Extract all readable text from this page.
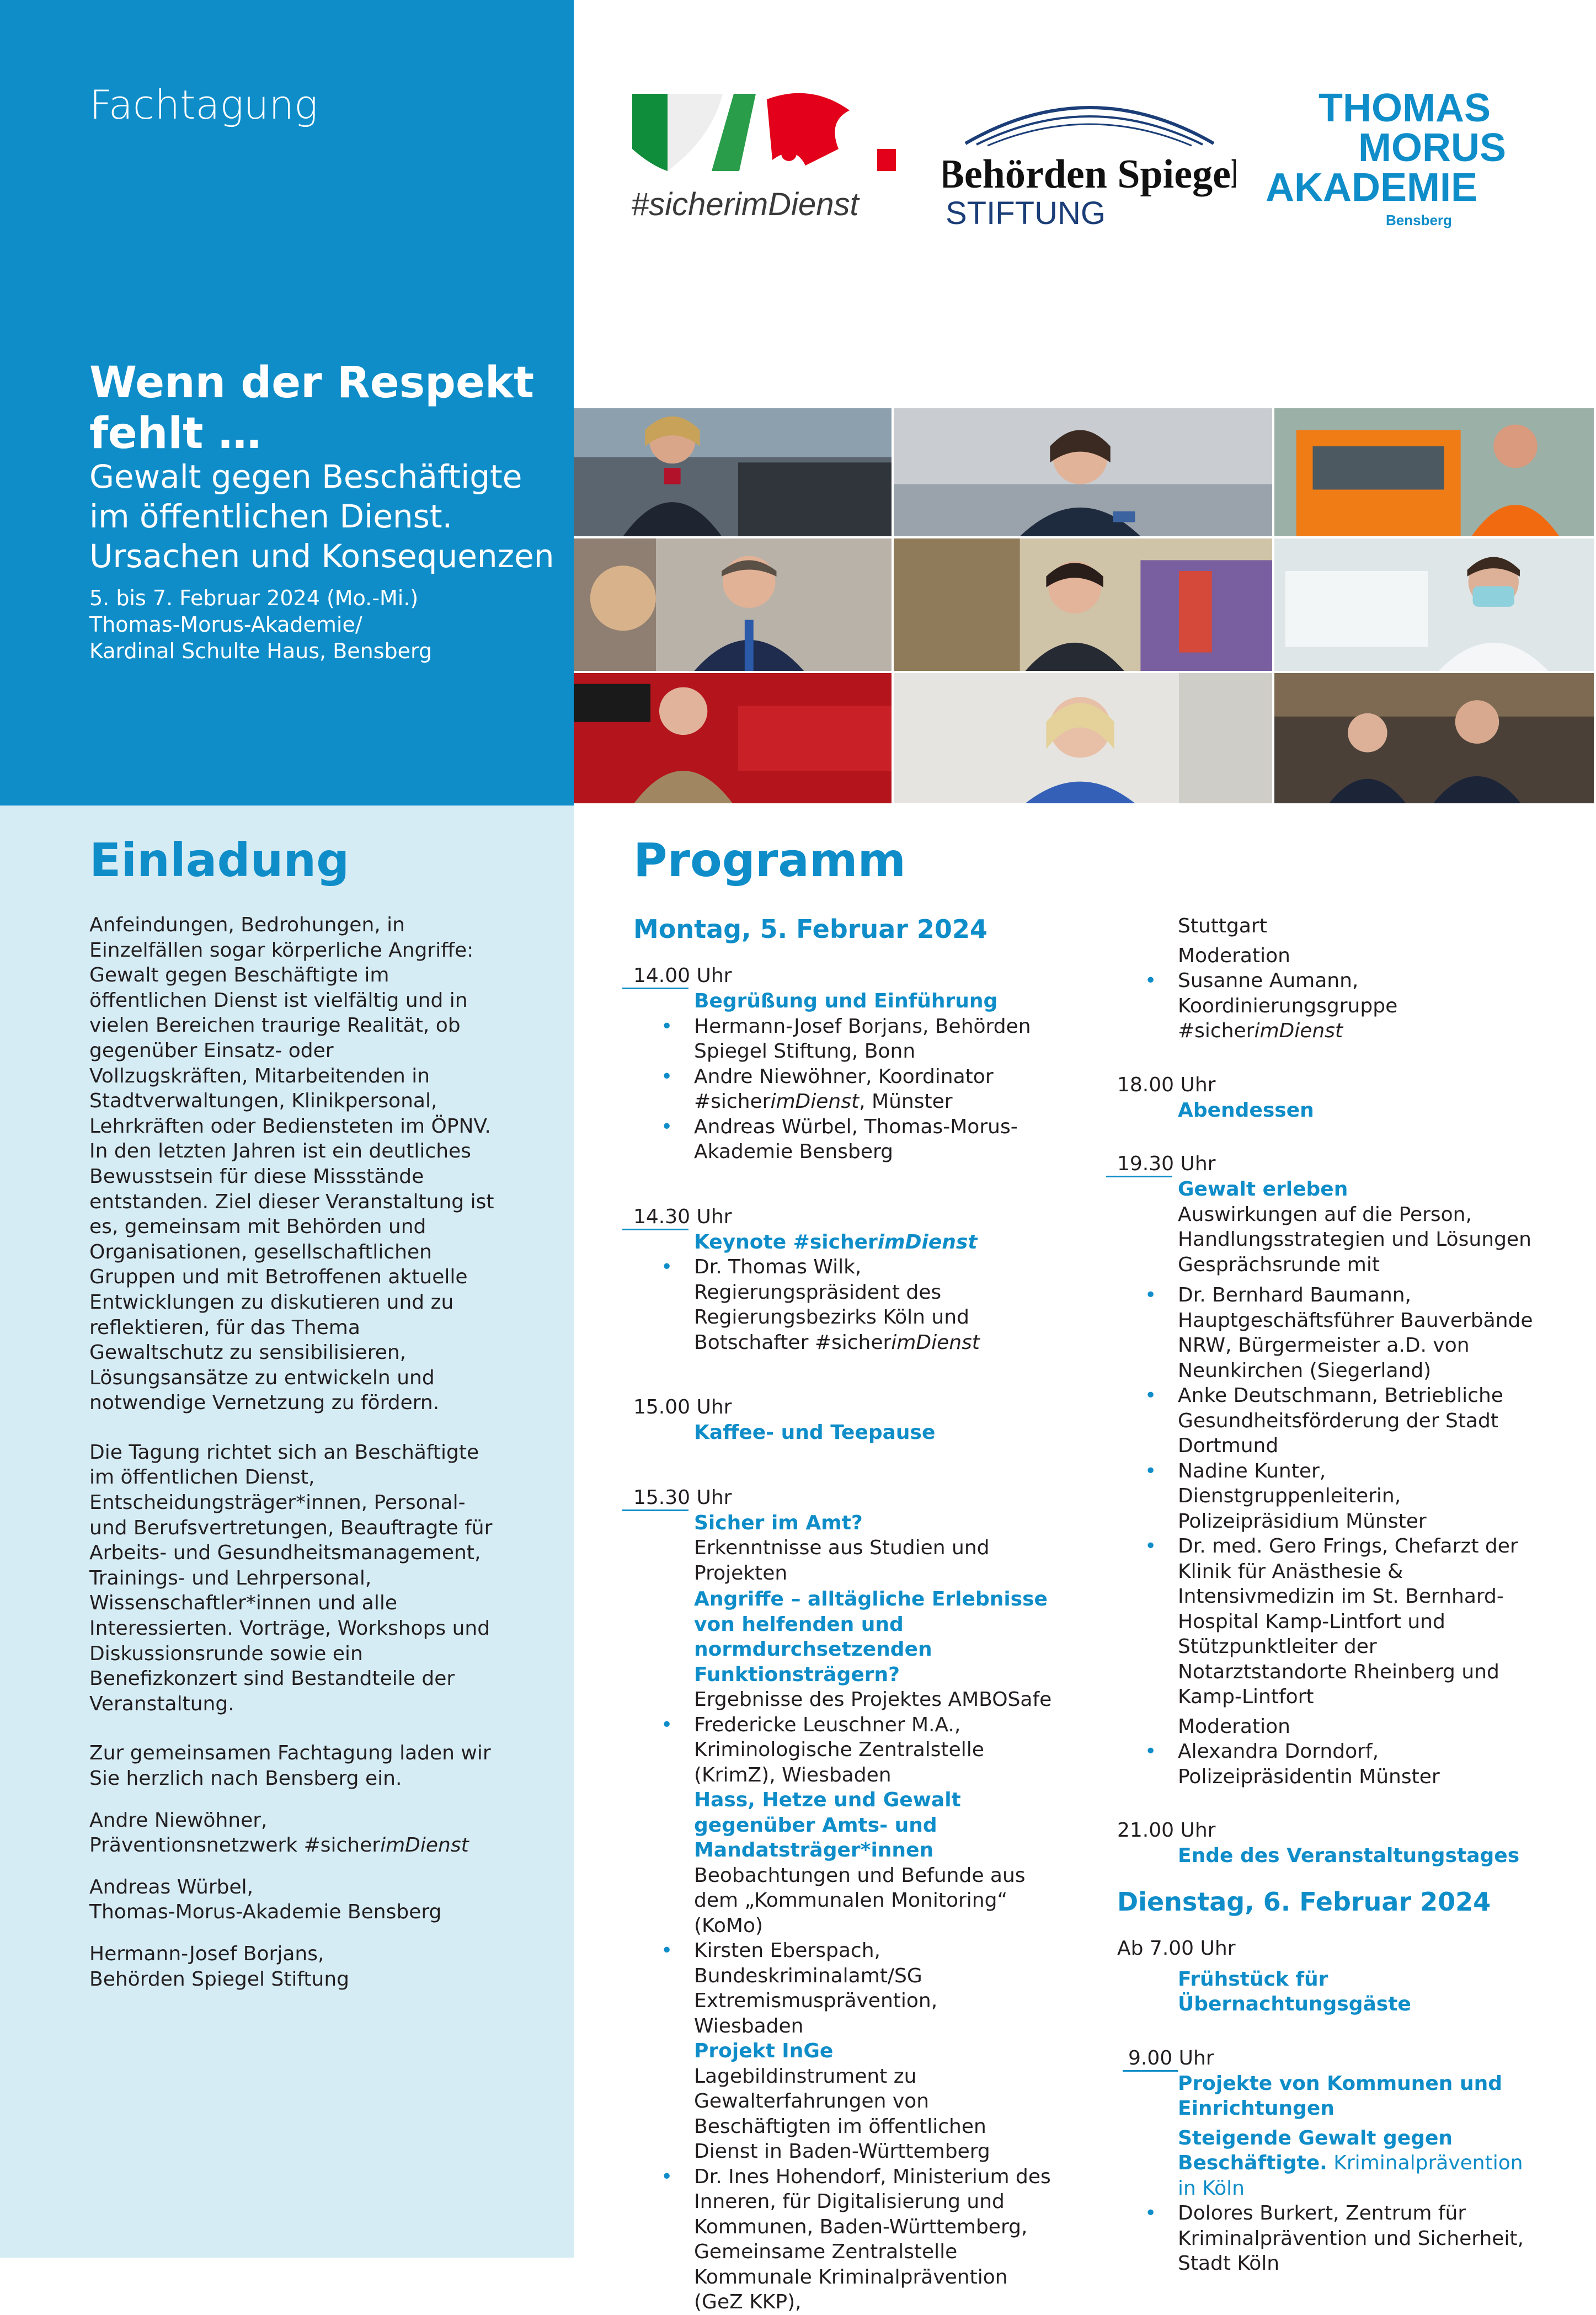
Fachtagung
Wenn der Respekt fehlt …
Gewalt gegen Beschäftigte im öffentlichen Dienst. Ursachen und Konsequenzen
5. bis 7. Februar 2024 (Mo.-Mi.)
Thomas-Morus-Akademie/
Kardinal Schulte Haus, Bensberg
#sicherimDienst
Behörden Spiegel
STIFTUNG
THOMAS
MORUS
AKADEMIE
Bensberg
Einladung

Anfeindungen, Bedrohungen, in Einzelfällen sogar körperliche Angriffe: Gewalt gegen Beschäftigte im öffentlichen Dienst ist vielfältig und in vielen Bereichen traurige Realität, ob gegenüber Einsatz- oder Vollzugskräften, Mitarbeitenden in Stadtverwaltungen, Klinikpersonal, Lehrkräften oder Bediensteten im ÖPNV. In den letzten Jahren ist ein deutliches Bewusstsein für diese Missstände entstanden. Ziel dieser Veranstaltung ist es, gemeinsam mit Behörden und Organisationen, gesellschaftlichen Gruppen und mit Betroffenen aktuelle Entwicklungen zu diskutieren und zu reflektieren, für das Thema Gewaltschutz zu sensibilisieren, Lösungsansätze zu entwickeln und notwendige Vernetzung zu fördern.

Die Tagung richtet sich an Beschäftigte im öffentlichen Dienst, Entscheidungsträger*innen, Personal- und Berufsvertretungen, Beauftragte für Arbeits- und Gesundheitsmanagement, Trainings- und Lehrpersonal, Wissenschaftler*innen und alle Interessierten. Vorträge, Workshops und Diskussionsrunde sowie ein Benefizkonzert sind Bestandteile der Veranstaltung.

Zur gemeinsamen Fachtagung laden wir Sie herzlich nach Bensberg ein.

Andre Niewöhner,
Präventionsnetzwerk #sicherimDienst
Andreas Würbel,
Thomas-Morus-Akademie Bensberg
Hermann-Josef Borjans,
Behörden Spiegel Stiftung
Programm
Montag, 5. Februar 2024
14.00 Uhr
Begrüßung und Einführung
• Hermann-Josef Borjans, Behörden Spiegel Stiftung, Bonn
• Andre Niewöhner, Koordinator #sicherimDienst, Münster
• Andreas Würbel, Thomas-Morus-Akademie Bensberg
14.30 Uhr
Keynote #sicherimDienst
• Dr. Thomas Wilk, Regierungspräsident des Regierungsbezirks Köln und Botschafter #sicherimDienst
15.00 Uhr
Kaffee- und Teepause
15.30 Uhr
Sicher im Amt?
Erkenntnisse aus Studien und Projekten
Angriffe – alltägliche Erlebnisse von helfenden und normdurchsetzenden Funktionsträgern?
Ergebnisse des Projektes AMBOSafe
• Fredericke Leuschner M.A., Kriminologische Zentralstelle (KrimZ), Wiesbaden
Hass, Hetze und Gewalt gegenüber Amts- und Mandatsträger*innen
Beobachtungen und Befunde aus dem „Kommunalen Monitoring“ (KoMo)
• Kirsten Eberspach, Bundeskriminalamt/SG Extremismusprävention, Wiesbaden
Projekt InGe
Lagebildinstrument zu Gewalterfahrungen von Beschäftigten im öffentlichen Dienst in Baden-Württemberg
• Dr. Ines Hohendorf, Ministerium des Inneren, für Digitalisierung und Kommunen, Baden-Württemberg, Gemeinsame Zentralstelle Kommunale Kriminalprävention (GeZ KKP),
Stuttgart
Moderation
• Susanne Aumann, Koordinierungsgruppe #sicherimDienst
18.00 Uhr
Abendessen
19.30 Uhr
Gewalt erleben
Auswirkungen auf die Person, Handlungsstrategien und Lösungen Gesprächsrunde mit
• Dr. Bernhard Baumann, Hauptgeschäftsführer Bauverbände NRW, Bürgermeister a.D. von Neunkirchen (Siegerland)
• Anke Deutschmann, Betriebliche Gesundheitsförderung der Stadt Dortmund
• Nadine Kunter, Dienstgruppenleiterin, Polizeipräsidium Münster
• Dr. med. Gero Frings, Chefarzt der Klinik für Anästhesie & Intensivmedizin im St. Bernhard-Hospital Kamp-Lintfort und Stützpunktleiter der Notarztstandorte Rheinberg und Kamp-Lintfort
Moderation
• Alexandra Dorndorf, Polizeipräsidentin Münster
21.00 Uhr
Ende des Veranstaltungstages
Dienstag, 6. Februar 2024
Ab 7.00 Uhr
Frühstück für Übernachtungsgäste
9.00 Uhr
Projekte von Kommunen und Einrichtungen
Steigende Gewalt gegen Beschäftigte. Kriminalprävention in Köln
• Dolores Burkert, Zentrum für Kriminalprävention und Sicherheit, Stadt Köln
